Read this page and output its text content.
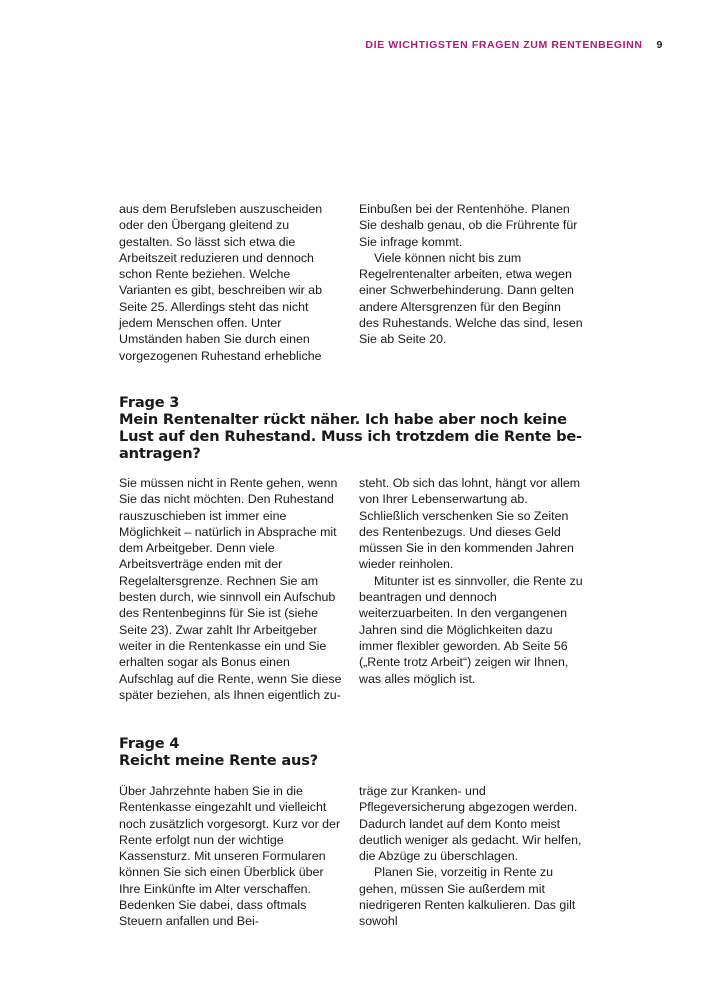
DIE WICHTIGSTEN FRAGEN ZUM RENTENBEGINN 9

aus dem Berufsleben auszuscheiden oder den Übergang gleitend zu gestalten. So lässt sich etwa die Arbeitszeit reduzieren und dennoch schon Rente beziehen. Welche Varianten es gibt, beschreiben wir ab Seite 25. Allerdings steht das nicht jedem Menschen offen. Unter Umständen haben Sie durch einen vorgezogenen Ruhestand erhebliche

Einbußen bei der Rentenhöhe. Planen Sie deshalb genau, ob die Frührente für Sie infrage kommt.

Viele können nicht bis zum Regelrentenalter arbeiten, etwa wegen einer Schwerbehinderung. Dann gelten andere Altersgrenzen für den Beginn des Ruhestands. Welche das sind, lesen Sie ab Seite 20.

Frage 3
Mein Rentenalter rückt näher. Ich habe aber noch keine
Lust auf den Ruhestand. Muss ich trotzdem die Rente be-
antragen?

Sie müssen nicht in Rente gehen, wenn Sie das nicht möchten. Den Ruhestand rauszuschieben ist immer eine Möglichkeit – natürlich in Absprache mit dem Arbeitgeber. Denn viele Arbeitsverträge enden mit der Regelaltersgrenze. Rechnen Sie am besten durch, wie sinnvoll ein Aufschub des Rentenbeginns für Sie ist (siehe Seite 23). Zwar zahlt Ihr Arbeitgeber weiter in die Rentenkasse ein und Sie erhalten sogar als Bonus einen Aufschlag auf die Rente, wenn Sie diese später beziehen, als Ihnen eigentlich zu-

steht. Ob sich das lohnt, hängt vor allem von Ihrer Lebenserwartung ab. Schließlich verschenken Sie so Zeiten des Rentenbezugs. Und dieses Geld müssen Sie in den kommenden Jahren wieder reinholen.

Mitunter ist es sinnvoller, die Rente zu beantragen und dennoch weiterzuarbeiten. In den vergangenen Jahren sind die Möglichkeiten dazu immer flexibler geworden. Ab Seite 56 („Rente trotz Arbeit“) zeigen wir Ihnen, was alles möglich ist.

Frage 4
Reicht meine Rente aus?

Über Jahrzehnte haben Sie in die Rentenkasse eingezahlt und vielleicht noch zusätzlich vorgesorgt. Kurz vor der Rente erfolgt nun der wichtige Kassensturz. Mit unseren Formularen können Sie sich einen Überblick über Ihre Einkünfte im Alter verschaffen. Bedenken Sie dabei, dass oftmals Steuern anfallen und Bei-

träge zur Kranken- und Pflegeversicherung abgezogen werden. Dadurch landet auf dem Konto meist deutlich weniger als gedacht. Wir helfen, die Abzüge zu überschlagen.

Planen Sie, vorzeitig in Rente zu gehen, müssen Sie außerdem mit niedrigeren Renten kalkulieren. Das gilt sowohl
